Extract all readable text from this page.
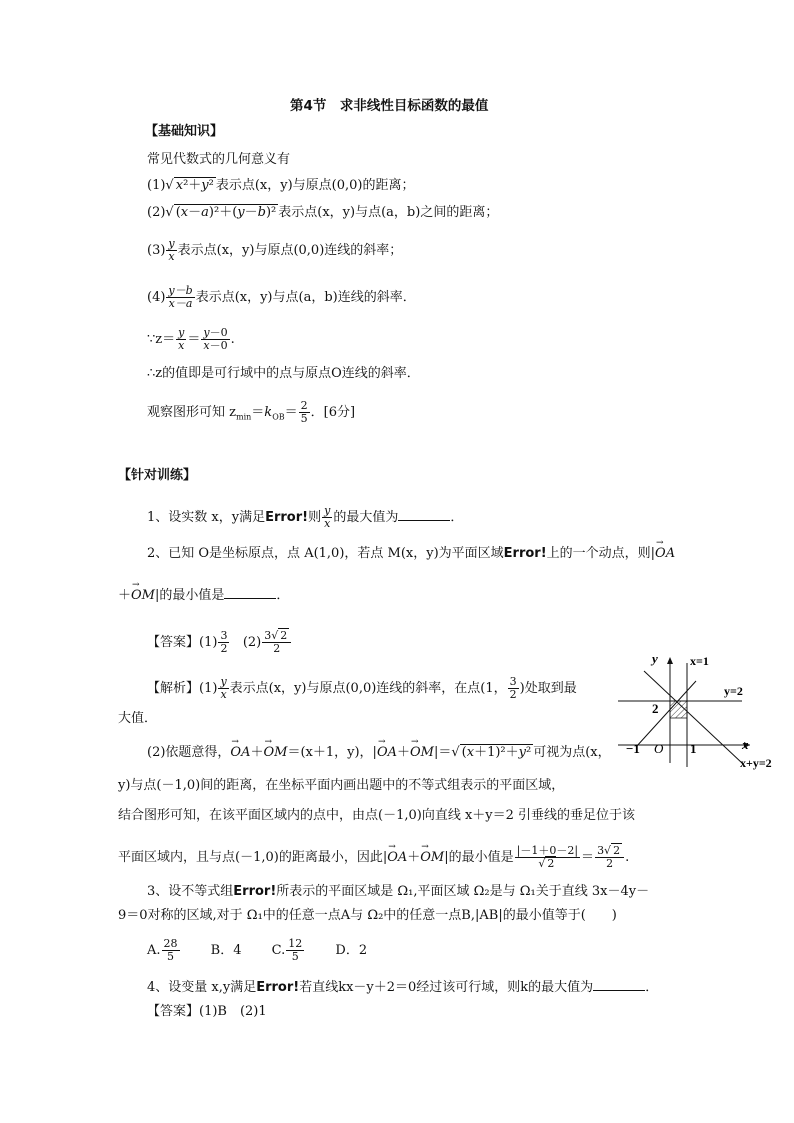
第4节　求非线性目标函数的最值
【基础知识】
常见代数式的几何意义有
(1)√ x²＋y² 表示点(x，y)与原点(0,0)的距离；
(2)√ (x－a)²＋(y－b)² 表示点(x，y)与点(a，b)之间的距离；
$(3) \frac{y}{x}$ 表示点(x，y)与原点(0,0)连线的斜率；
$(4) \frac{y-b}{x-a}$ 表示点(x，y)与点(a，b)连线的斜率．
∵z＝ $\frac{y}{x} = \frac{y-0}{x-0}$ .
∴z的值即是可行域中的点与原点O连线的斜率．
观察图形可知 $z_{min}=k_{OB}= \frac{2}{5}$ ．[6分]
【针对训练】
1、设实数 x，y满足Error!则 $\frac{y}{x}$ 的最大值为	．
2、已知 O是坐标原点，点 A(1,0)，若点 M(x，y)为平面区域Error!上的一个动点，则|→ OA
＋→ OM|的最小值是	．
【答案】$(1) \frac{3}{2} (2) \frac{3√ 2}{2}$
【解析】$(1) \frac{y}{x}$ 表示点(x，y)与原点(0,0)连线的斜率，在点(1， $\frac{3}{2}$ )处取到最
大值．
(2)依题意得，→ OA＋→ OM＝(x＋1，y)，|→ OA＋→ OM|＝√ (x＋1)²＋y² 可视为点(x，
y)与点(－1,0)间的距离，在坐标平面内画出题中的不等式组表示的平面区域，
结合图形可知，在该平面区域内的点中，由点(－1,0)向直线 x＋y＝2 引垂线的垂足位于该
平面区域内，且与点(－1,0)的距离最小，因此|→ OA＋→ OM|的最小值是 $\frac{|-1+0-2|}{√ 2} = \frac{3√ 2}{2}$ .
3、设不等式组Error!所表示的平面区域是 Ω₁,平面区域 Ω₂是与 Ω₁关于直线 3x－4y－
9＝0对称的区域,对于 Ω₁中的任意一点A与 Ω₂中的任意一点B,|AB|的最小值等于(　　)
A. $\frac{28}{5}$ B．4 C. $\frac{12}{5}$ D．2
4、设变量 x,y满足Error!若直线kx－y＋2＝0经过该可行域，则k的最大值为	．
【答案】(1)B　(2)1
y
x
x=1
y=2
x+y=2
2
−1 O 1
